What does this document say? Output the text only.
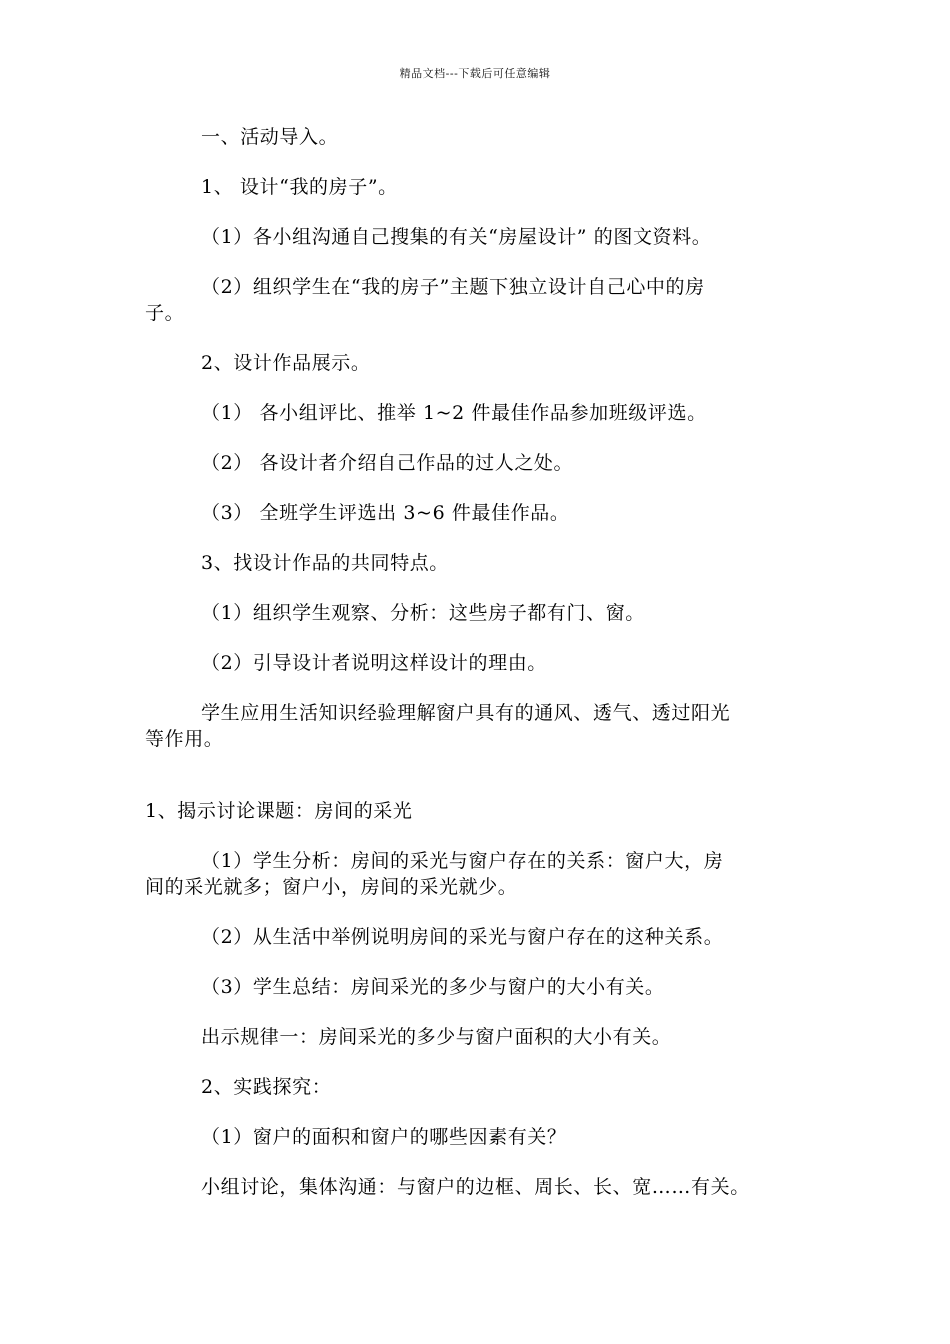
精品文档---下载后可任意编辑
一、活动导入。
1、 设计“我的房子”。
（1）各小组沟通自己搜集的有关“房屋设计” 的图文资料。
（2）组织学生在“我的房子”主题下独立设计自己心中的房
子。
2、设计作品展示。
（1） 各小组评比、推举 1~2 件最佳作品参加班级评选。
（2） 各设计者介绍自己作品的过人之处。
（3） 全班学生评选出 3~6 件最佳作品。
3、找设计作品的共同特点。
（1）组织学生观察、分析：这些房子都有门、窗。
（2）引导设计者说明这样设计的理由。
学生应用生活知识经验理解窗户具有的通风、透气、透过阳光
等作用。
1、揭示讨论课题：房间的采光
（1）学生分析：房间的采光与窗户存在的关系：窗户大，房
间的采光就多；窗户小，房间的采光就少。
（2）从生活中举例说明房间的采光与窗户存在的这种关系。
（3）学生总结：房间采光的多少与窗户的大小有关。
出示规律一：房间采光的多少与窗户面积的大小有关。
2、实践探究：
（1）窗户的面积和窗户的哪些因素有关？
小组讨论，集体沟通：与窗户的边框、周长、长、宽……有关。
